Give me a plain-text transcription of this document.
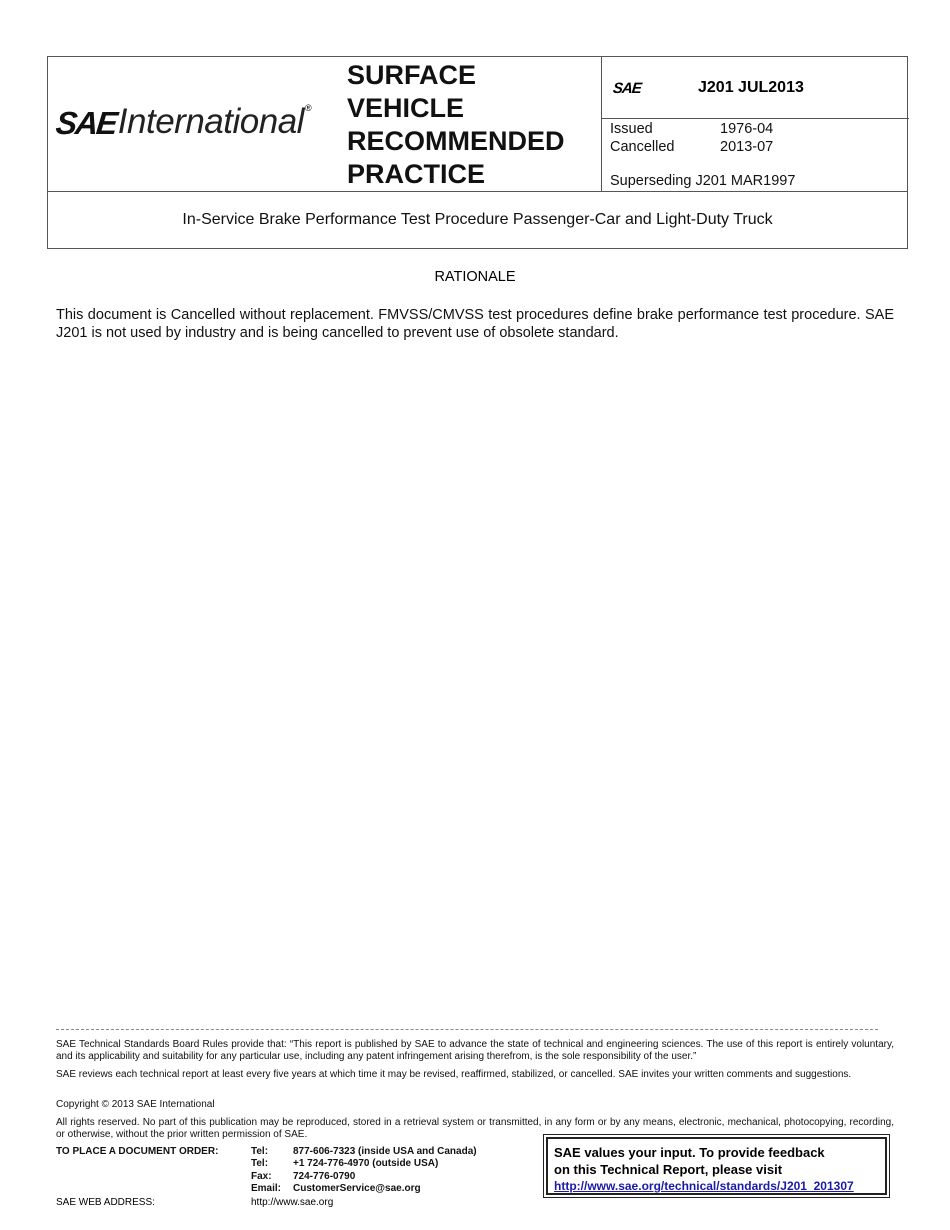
SAE International ®
SURFACE
VEHICLE
RECOMMENDED
PRACTICE
SAE	J201 JUL2013
Issued	1976-04
Cancelled	2013-07
Superseding J201 MAR1997
In-Service Brake Performance Test Procedure Passenger-Car and Light-Duty Truck
RATIONALE
This document is Cancelled without replacement. FMVSS/CMVSS test procedures define brake performance test procedure. SAE J201 is not used by industry and is being cancelled to prevent use of obsolete standard.
SAE Technical Standards Board Rules provide that: “This report is published by SAE to advance the state of technical and engineering sciences. The use of this report is entirely voluntary, and its applicability and suitability for any particular use, including any patent infringement arising therefrom, is the sole responsibility of the user.”
SAE reviews each technical report at least every five years at which time it may be revised, reaffirmed, stabilized, or cancelled. SAE invites your written comments and suggestions.
Copyright © 2013 SAE International
All rights reserved. No part of this publication may be reproduced, stored in a retrieval system or transmitted, in any form or by any means, electronic, mechanical, photocopying, recording, or otherwise, without the prior written permission of SAE.
TO PLACE A DOCUMENT ORDER:	Tel:	877-606-7323 (inside USA and Canada)
Tel:	+1 724-776-4970 (outside USA)
Fax:	724-776-0790
Email:	CustomerService@sae.org
SAE WEB ADDRESS:	http://www.sae.org
SAE values your input. To provide feedback
on this Technical Report, please visit
http://www.sae.org/technical/standards/J201_201307
